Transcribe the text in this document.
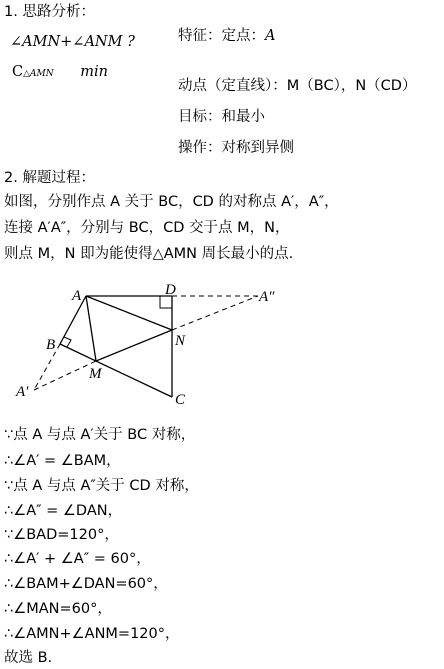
1. 思路分析：
∠AMN+∠ANM ?
C△AMN min
特征：定点：A
动点（定直线）：M（BC），N（CD）
目标：和最小
操作：对称到异侧
2. 解题过程：
如图，分别作点 A 关于 BC，CD 的对称点 A′，A″，
连接 A′A″，分别与 BC，CD 交于点 M，N，
则点 M，N 即为能使得△AMN 周长最小的点.
A	D	A″
B	N
A′
M
C
∵点 A 与点 A′关于 BC 对称，
∴∠A′ = ∠BAM，
∵点 A 与点 A″关于 CD 对称，
∴∠A″ = ∠DAN，
∵∠BAD=120°，
∴∠A′ + ∠A″ = 60°，
∴∠BAM+∠DAN=60°，
∴∠MAN=60°，
∴∠AMN+∠ANM=120°，
故选 B.
